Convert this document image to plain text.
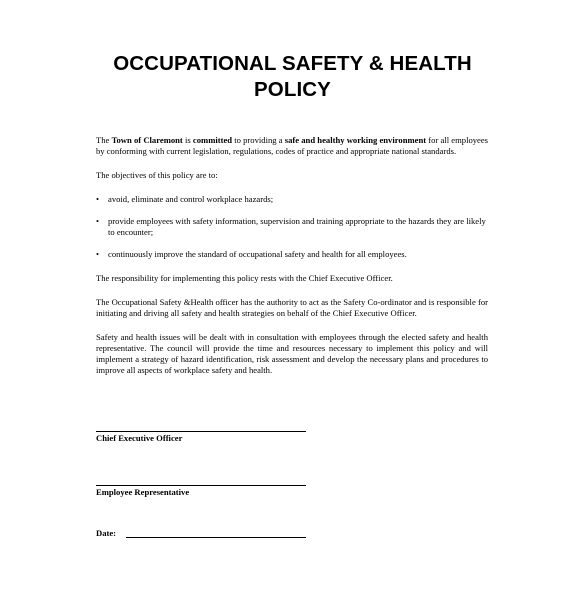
OCCUPATIONAL SAFETY & HEALTH
POLICY

The Town of Claremont is committed to providing a safe and healthy working environment for all employees by conforming with current legislation, regulations, codes of practice and appropriate national standards.

The objectives of this policy are to:

• avoid, eliminate and control workplace hazards;
• provide employees with safety information, supervision and training appropriate to the hazards they are likely to encounter;
• continuously improve the standard of occupational safety and health for all employees.

The responsibility for implementing this policy rests with the Chief Executive Officer.

The Occupational Safety &Health officer has the authority to act as the Safety Co-ordinator and is responsible for initiating and driving all safety and health strategies on behalf of the Chief Executive Officer.

Safety and health issues will be dealt with in consultation with employees through the elected safety and health representative. The council will provide the time and resources necessary to implement this policy and will implement a strategy of hazard identification, risk assessment and develop the necessary plans and procedures to improve all aspects of workplace safety and health.

Chief Executive Officer
Employee Representative
Date:
